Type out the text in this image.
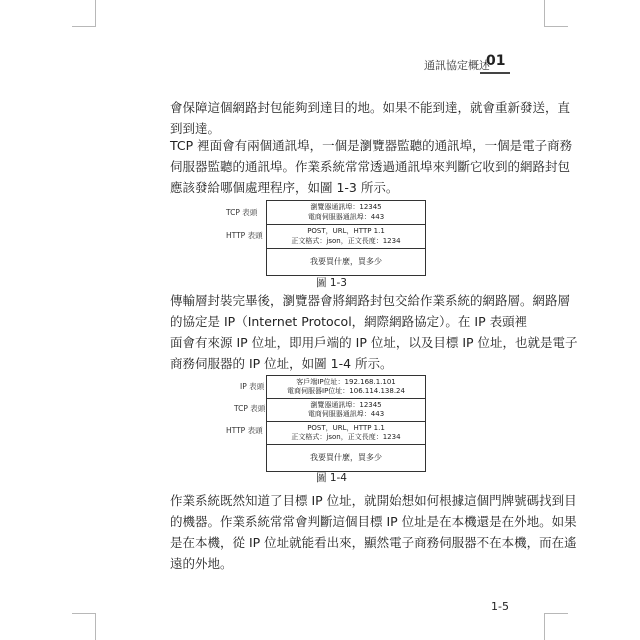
通訊協定概述
01

會保障這個網路封包能夠到達目的地。如果不能到達，就會重新發送，直
到到達。

TCP 裡面會有兩個通訊埠，一個是瀏覽器監聽的通訊埠，一個是電子商務
伺服器監聽的通訊埠。作業系統常常透過通訊埠來判斷它收到的網路封包
應該發給哪個處理程序，如圖 1-3 所示。

TCP 表頭
HTTP 表頭
瀏覽器通訊埠：12345
電商伺服器通訊埠：443
POST，URL，HTTP 1.1
正文格式：json，正文長度：1234
我要買什麼，買多少
圖 1-3

傳輸層封裝完畢後，瀏覽器會將網路封包交給作業系統的網路層。網路層
的協定是 IP（Internet Protocol，網際網路協定）。在 IP 表頭裡
面會有來源 IP 位址，即用戶端的 IP 位址，以及目標 IP 位址，也就是電子
商務伺服器的 IP 位址，如圖 1-4 所示。

IP 表頭
TCP 表頭
HTTP 表頭
客戶端IP位址：192.168.1.101
電商伺服器IP位址：106.114.138.24
瀏覽器通訊埠：12345
電商伺服器通訊埠：443
POST，URL，HTTP 1.1
正文格式：json，正文長度：1234
我要買什麼，買多少
圖 1-4

作業系統既然知道了目標 IP 位址，就開始想如何根據這個門牌號碼找到目
的機器。作業系統常常會判斷這個目標 IP 位址是在本機還是在外地。如果
是在本機，從 IP 位址就能看出來，顯然電子商務伺服器不在本機，而在遙
遠的外地。

1-5
